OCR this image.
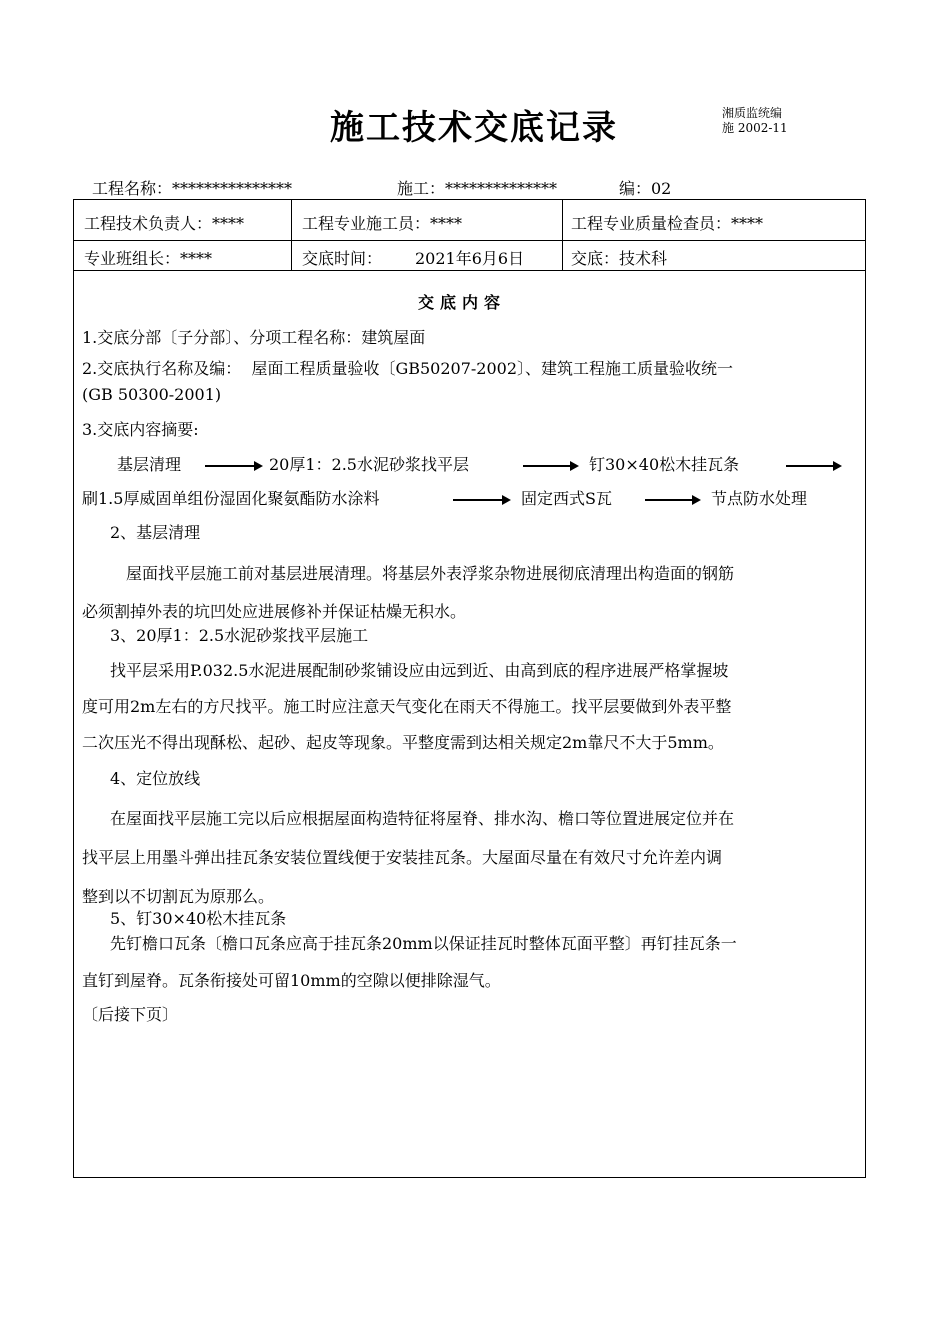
施工技术交底记录	湘质监统编
施 2002-11
工程名称：***************	施工：**************	编：02
工程技术负责人：****	工程专业施工员：****	工程专业质量检查员：****
专业班组长：****	交底时间： 2021年6月6日	交底：技术科
交底内容
1.交底分部〔子分部〕、分项工程名称：建筑屋面
2.交底执行名称及编：  屋面工程质量验收〔GB50207-2002〕、建筑工程施工质量验收统一
(GB 50300-2001)
3.交底内容摘要:
基层清理	20厚1：2.5水泥砂浆找平层	钉30×40松木挂瓦条
刷1.5厚威固单组份湿固化聚氨酯防水涂料	固定西式S瓦	节点防水处理
2、基层清理
屋面找平层施工前对基层进展清理。将基层外表浮浆杂物进展彻底清理出构造面的钢筋
必须割掉外表的坑凹处应进展修补并保证枯燥无积水。
3、20厚1：2.5水泥砂浆找平层施工
找平层采用P.032.5水泥进展配制砂浆铺设应由远到近、由高到底的程序进展严格掌握坡
度可用2m左右的方尺找平。施工时应注意天气变化在雨天不得施工。找平层要做到外表平整
二次压光不得出现酥松、起砂、起皮等现象。平整度需到达相关规定2m靠尺不大于5mm。
4、定位放线
在屋面找平层施工完以后应根据屋面构造特征将屋脊、排水沟、檐口等位置进展定位并在
找平层上用墨斗弹出挂瓦条安装位置线便于安装挂瓦条。大屋面尽量在有效尺寸允许差内调
整到以不切割瓦为原那么。
5、钉30×40松木挂瓦条
先钉檐口瓦条〔檐口瓦条应高于挂瓦条20mm以保证挂瓦时整体瓦面平整〕再钉挂瓦条一
直钉到屋脊。瓦条衔接处可留10mm的空隙以便排除湿气。
〔后接下页〕
